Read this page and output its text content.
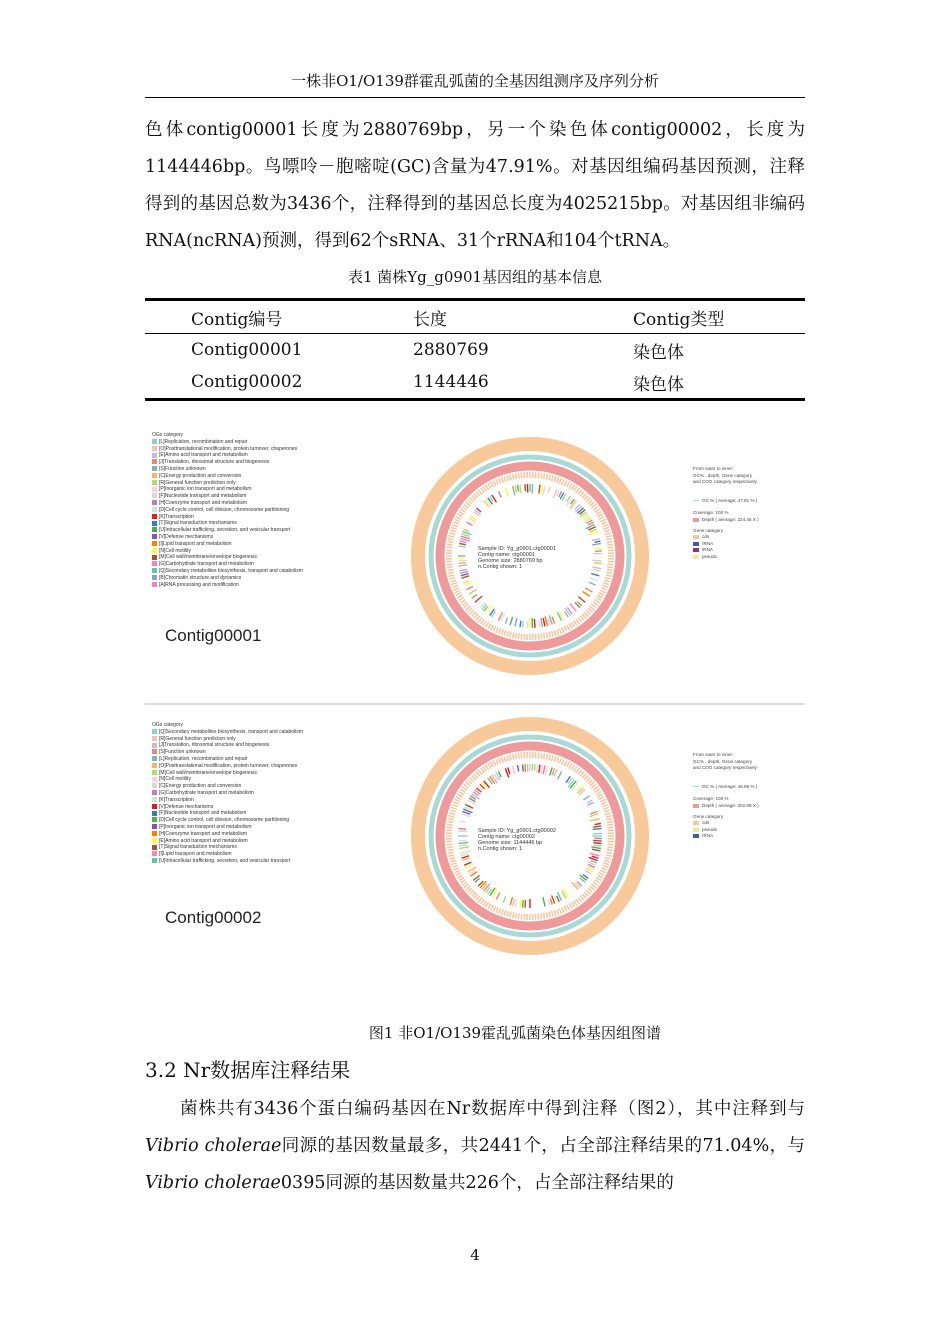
一株非O1/O139群霍乱弧菌的全基因组测序及序列分析

色体contig00001长度为2880769bp，另一个染色体contig00002，长度为1144446bp。鸟嘌呤－胞嘧啶(GC)含量为47.91%。对基因组编码基因预测，注释得到的基因总数为3436个，注释得到的基因总长度为4025215bp。对基因组非编码RNA(ncRNA)预测，得到62个sRNA、31个rRNA和104个tRNA。

表1 菌株Yg_g0901基因组的基本信息
Contig编号	长度	Contig类型
Contig00001	2880769	染色体
Contig00002	1144446	染色体
OGs category
[L]Replication, recombination and repair
[O]Posttranslational modification, protein turnover, chaperones
[E]Amino acid transport and metabolism
[J]Translation, ribosomal structure and biogenesis
[S]Function unknown
[C]Energy production and conversion
[R]General function prediction only
[P]Inorganic ion transport and metabolism
[F]Nucleotide transport and metabolism
[H]Coenzyme transport and metabolism
[D]Cell cycle control, cell division, chromosome partitioning
[K]Transcription
[T]Signal transduction mechanisms
[U]Intracellular trafficking, secretion, and vesicular transport
[V]Defense mechanisms
[I]Lipid transport and metabolism
[N]Cell motility
[M]Cell wall/membrane/envelope biogenesis
[G]Carbohydrate transport and metabolism
[Q]Secondary metabolites biosynthesis, transport and catabolism
[B]Chromatin structure and dynamics
[A]RNA processing and modification
Contig00001
Sample ID: Yg_g0901.ctg00001
Contig name: ctg00001
Genome size: 2880769 bp
n.Contig shown: 1
From outer to inner:
GC% , depth, Gene category
and COG category respectively
GC % ( Average: 47.91 % )
Coverage: 100 %
Depth ( average: 224.45 X )
Gene category
cds
rRNA
tRNA
pseudo
OGs category
[Q]Secondary metabolites biosynthesis, transport and catabolism
[R]General function prediction only
[J]Translation, ribosomal structure and biogenesis
[S]Function unknown
[L]Replication, recombination and repair
[O]Posttranslational modification, protein turnover, chaperones
[M]Cell wall/membrane/envelope biogenesis
[N]Cell motility
[C]Energy production and conversion
[G]Carbohydrate transport and metabolism
[K]Transcription
[V]Defense mechanisms
[F]Nucleotide transport and metabolism
[D]Cell cycle control, cell division, chromosome partitioning
[P]Inorganic ion transport and metabolism
[H]Coenzyme transport and metabolism
[E]Amino acid transport and metabolism
[T]Signal transduction mechanisms
[I]Lipid transport and metabolism
[U]Intracellular trafficking, secretion, and vesicular transport
Contig00002
Sample ID: Yg_g0901.ctg00002
Contig name: ctg00002
Genome size: 1144446 bp
n.Contig shown: 1
From outer to inner:
GC% , depth, Gene category
and COG category respectively
GC % ( Average: 46.96 % )
Coverage: 100 %
Depth ( average: 202.89 X )
Gene category
cds
pseudo
rRNA
图1 非O1/O139霍乱弧菌染色体基因组图谱
3.2 Nr数据库注释结果

菌株共有3436个蛋白编码基因在Nr数据库中得到注释（图2），其中注释到与Vibrio cholerae同源的基因数量最多，共2441个，占全部注释结果的71.04%，与Vibrio cholerae0395同源的基因数量共226个，占全部注释结果的

4
